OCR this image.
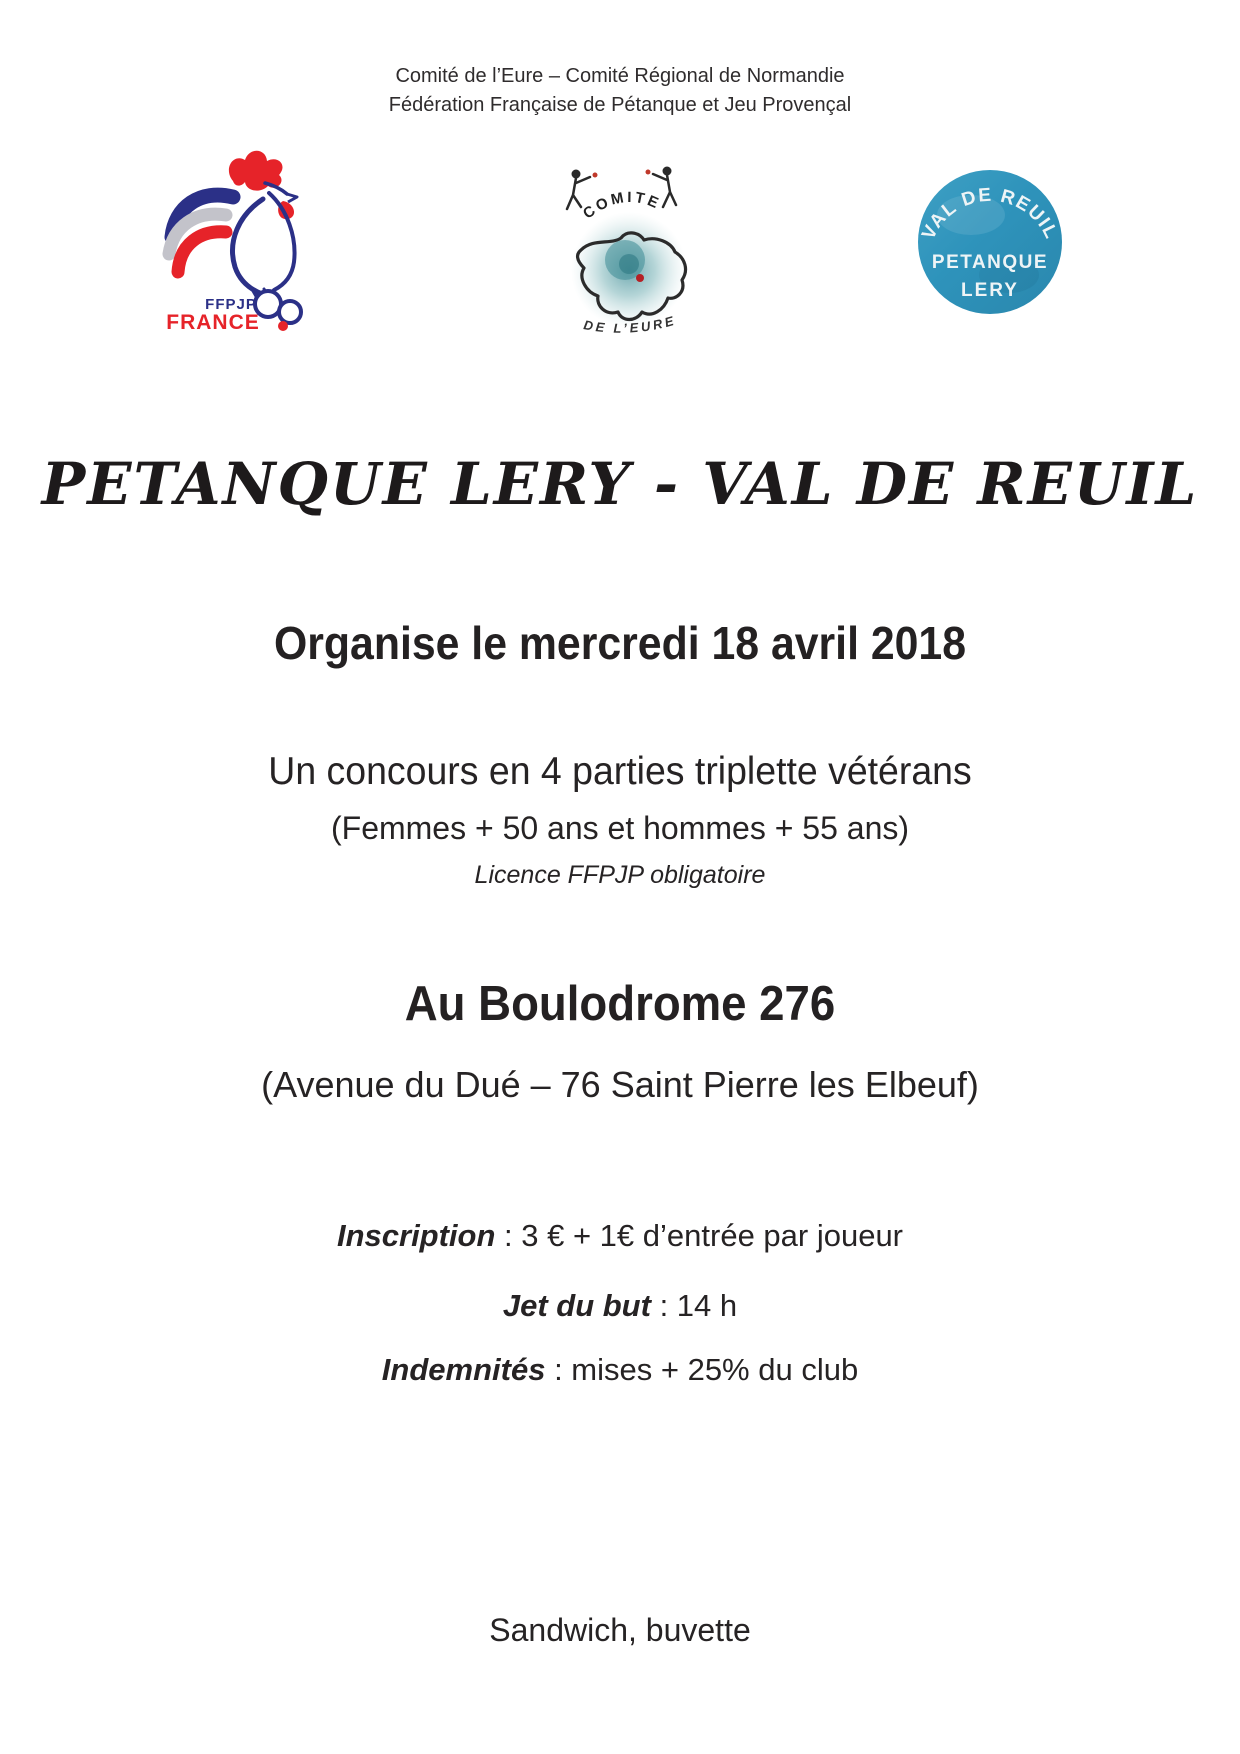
Comité de l’Eure – Comité Régional de Normandie
Fédération Française de Pétanque et Jeu Provençal
FFPJP
FRANCE
COMITE
DE L’EURE
VAL DE REUIL
PETANQUE
LERY
PETANQUE LERY - VAL DE REUIL
Organise le mercredi 18 avril 2018
Un concours en 4 parties triplette vétérans
(Femmes + 50 ans et hommes + 55 ans)
Licence FFPJP obligatoire
Au Boulodrome 276
(Avenue du Dué – 76 Saint Pierre les Elbeuf)
Inscription : 3 € + 1€ d’entrée par joueur
Jet du but : 14 h
Indemnités : mises + 25% du club
Sandwich, buvette
